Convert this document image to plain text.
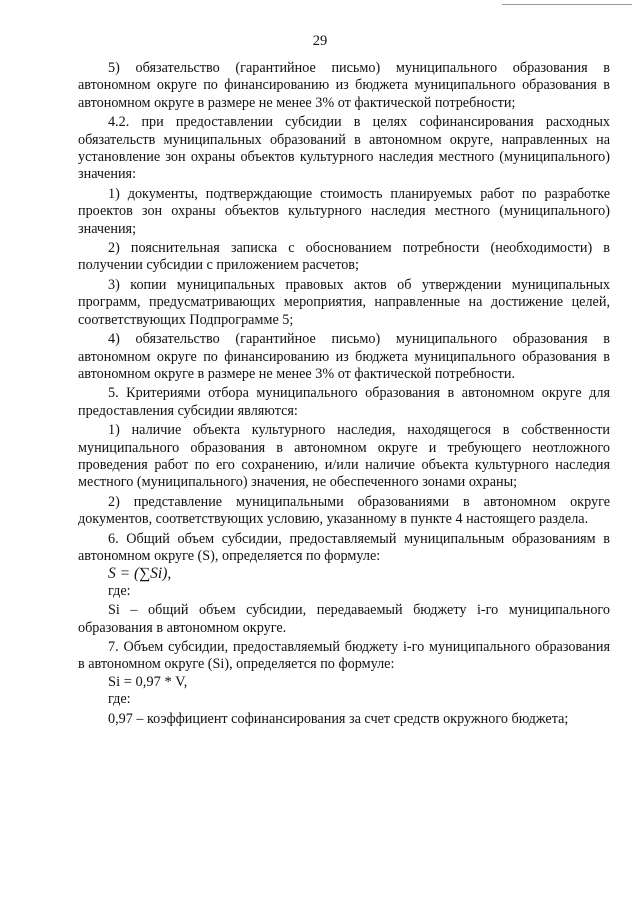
29

5) обязательство (гарантийное письмо) муниципального образования в автономном округе по финансированию из бюджета муниципального образования в автономном округе в размере не менее 3% от фактической потребности;

4.2. при предоставлении субсидии в целях софинансирования расходных обязательств муниципальных образований в автономном округе, направленных на установление зон охраны объектов культурного наследия местного (муниципального) значения:

1) документы, подтверждающие стоимость планируемых работ по разработке проектов зон охраны объектов культурного наследия местного (муниципального) значения;

2) пояснительная записка с обоснованием потребности (необходимости) в получении субсидии с приложением расчетов;

3) копии муниципальных правовых актов об утверждении муниципальных программ, предусматривающих мероприятия, направленные на достижение целей, соответствующих Подпрограмме 5;

4) обязательство (гарантийное письмо) муниципального образования в автономном округе по финансированию из бюджета муниципального образования в автономном округе в размере не менее 3% от фактической потребности.

5. Критериями отбора муниципального образования в автономном округе для предоставления субсидии являются:

1) наличие объекта культурного наследия, находящегося в собственности муниципального образования в автономном округе и требующего неотложного проведения работ по его сохранению, и/или наличие объекта культурного наследия местного (муниципального) значения, не обеспеченного зонами охраны;

2) представление муниципальными образованиями в автономном округе документов, соответствующих условию, указанному в пункте 4 настоящего раздела.

6. Общий объем субсидии, предоставляемый муниципальным образованиям в автономном округе (S), определяется по формуле:

S = (∑Si),

где:

Si – общий объем субсидии, передаваемый бюджету i-го муниципального образования в автономном округе.

7. Объем субсидии, предоставляемый бюджету i-го муниципального образования в автономном округе (Si), определяется по формуле:

Si = 0,97 * V,

где:

0,97 – коэффициент софинансирования за счет средств окружного бюджета;
